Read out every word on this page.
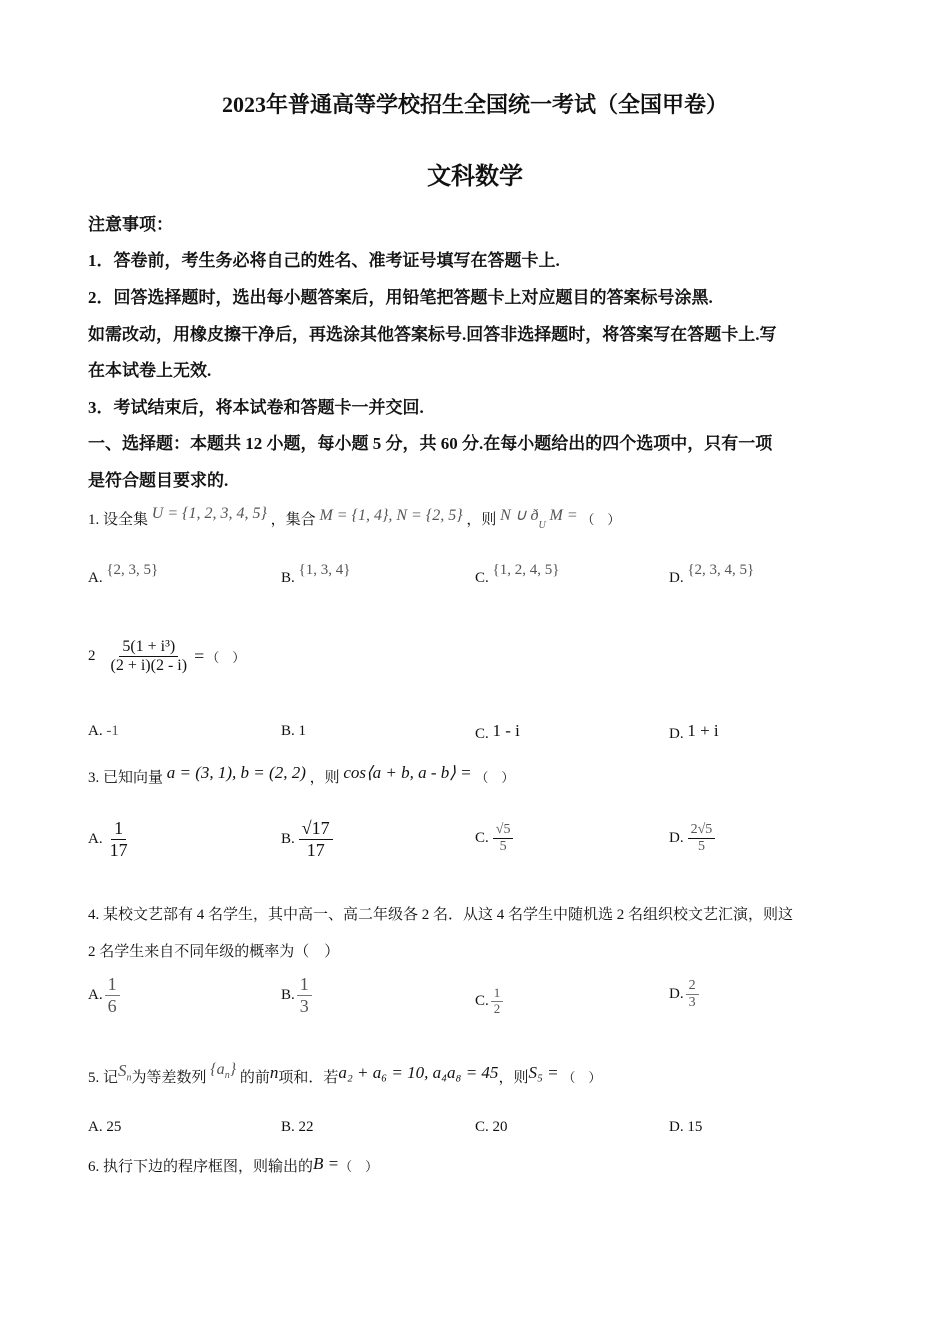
2023年普通高等学校招生全国统一考试（全国甲卷）
文科数学
注意事项：
1．答卷前，考生务必将自己的姓名、准考证号填写在答题卡上.
2．回答选择题时，选出每小题答案后，用铅笔把答题卡上对应题目的答案标号涂黑.
如需改动，用橡皮擦干净后，再选涂其他答案标号.回答非选择题时，将答案写在答题卡上.写
在本试卷上无效.
3．考试结束后，将本试卷和答题卡一并交回.
一、选择题：本题共 12 小题，每小题 5 分，共 60 分.在每小题给出的四个选项中，只有一项
是符合题目要求的.
1. 设全集 U = {1, 2, 3, 4, 5} ，集合 M = {1, 4}, N = {2, 5} ，则 N ∪ $ð_U$ M = （　）
A. {2, 3, 5}	B. {1, 3, 4}	C. {1, 2, 4, 5}	D. {2, 3, 4, 5}
$2 \frac{\text{5(1 + i³)}}{(2 + i)(2 - i)}$ = （　）
A. -1	B. 1	C. 1 - i	D. 1 + i
3. 已知向量 a = (3, 1), b = (2, 2) ，则 cos⟨a + b, a - b⟩ = （　）
A. $\frac{1}{17}$	B. $\frac{√17}{17}$	C. $\frac{√5}{5}$	D. $\frac{2√5}{5}$
4. 某校文艺部有 4 名学生，其中高一、高二年级各 2 名．从这 4 名学生中随机选 2 名组织校文艺汇演，则这
2 名学生来自不同年级的概率为（　）
A. $\frac{1}{6}$	B. $\frac{1}{3}$	C. $\frac{1}{2}$	D. $\frac{2}{3}$
5. 记$S_n$为等差数列 $\{a_n\}$ 的前n项和．若a₂ + a₆ = 10, a₄a₈ = 45，则S₅ = （　）
A. 25	B. 22	C. 20	D. 15
6. 执行下边的程序框图，则输出的B =（　）
